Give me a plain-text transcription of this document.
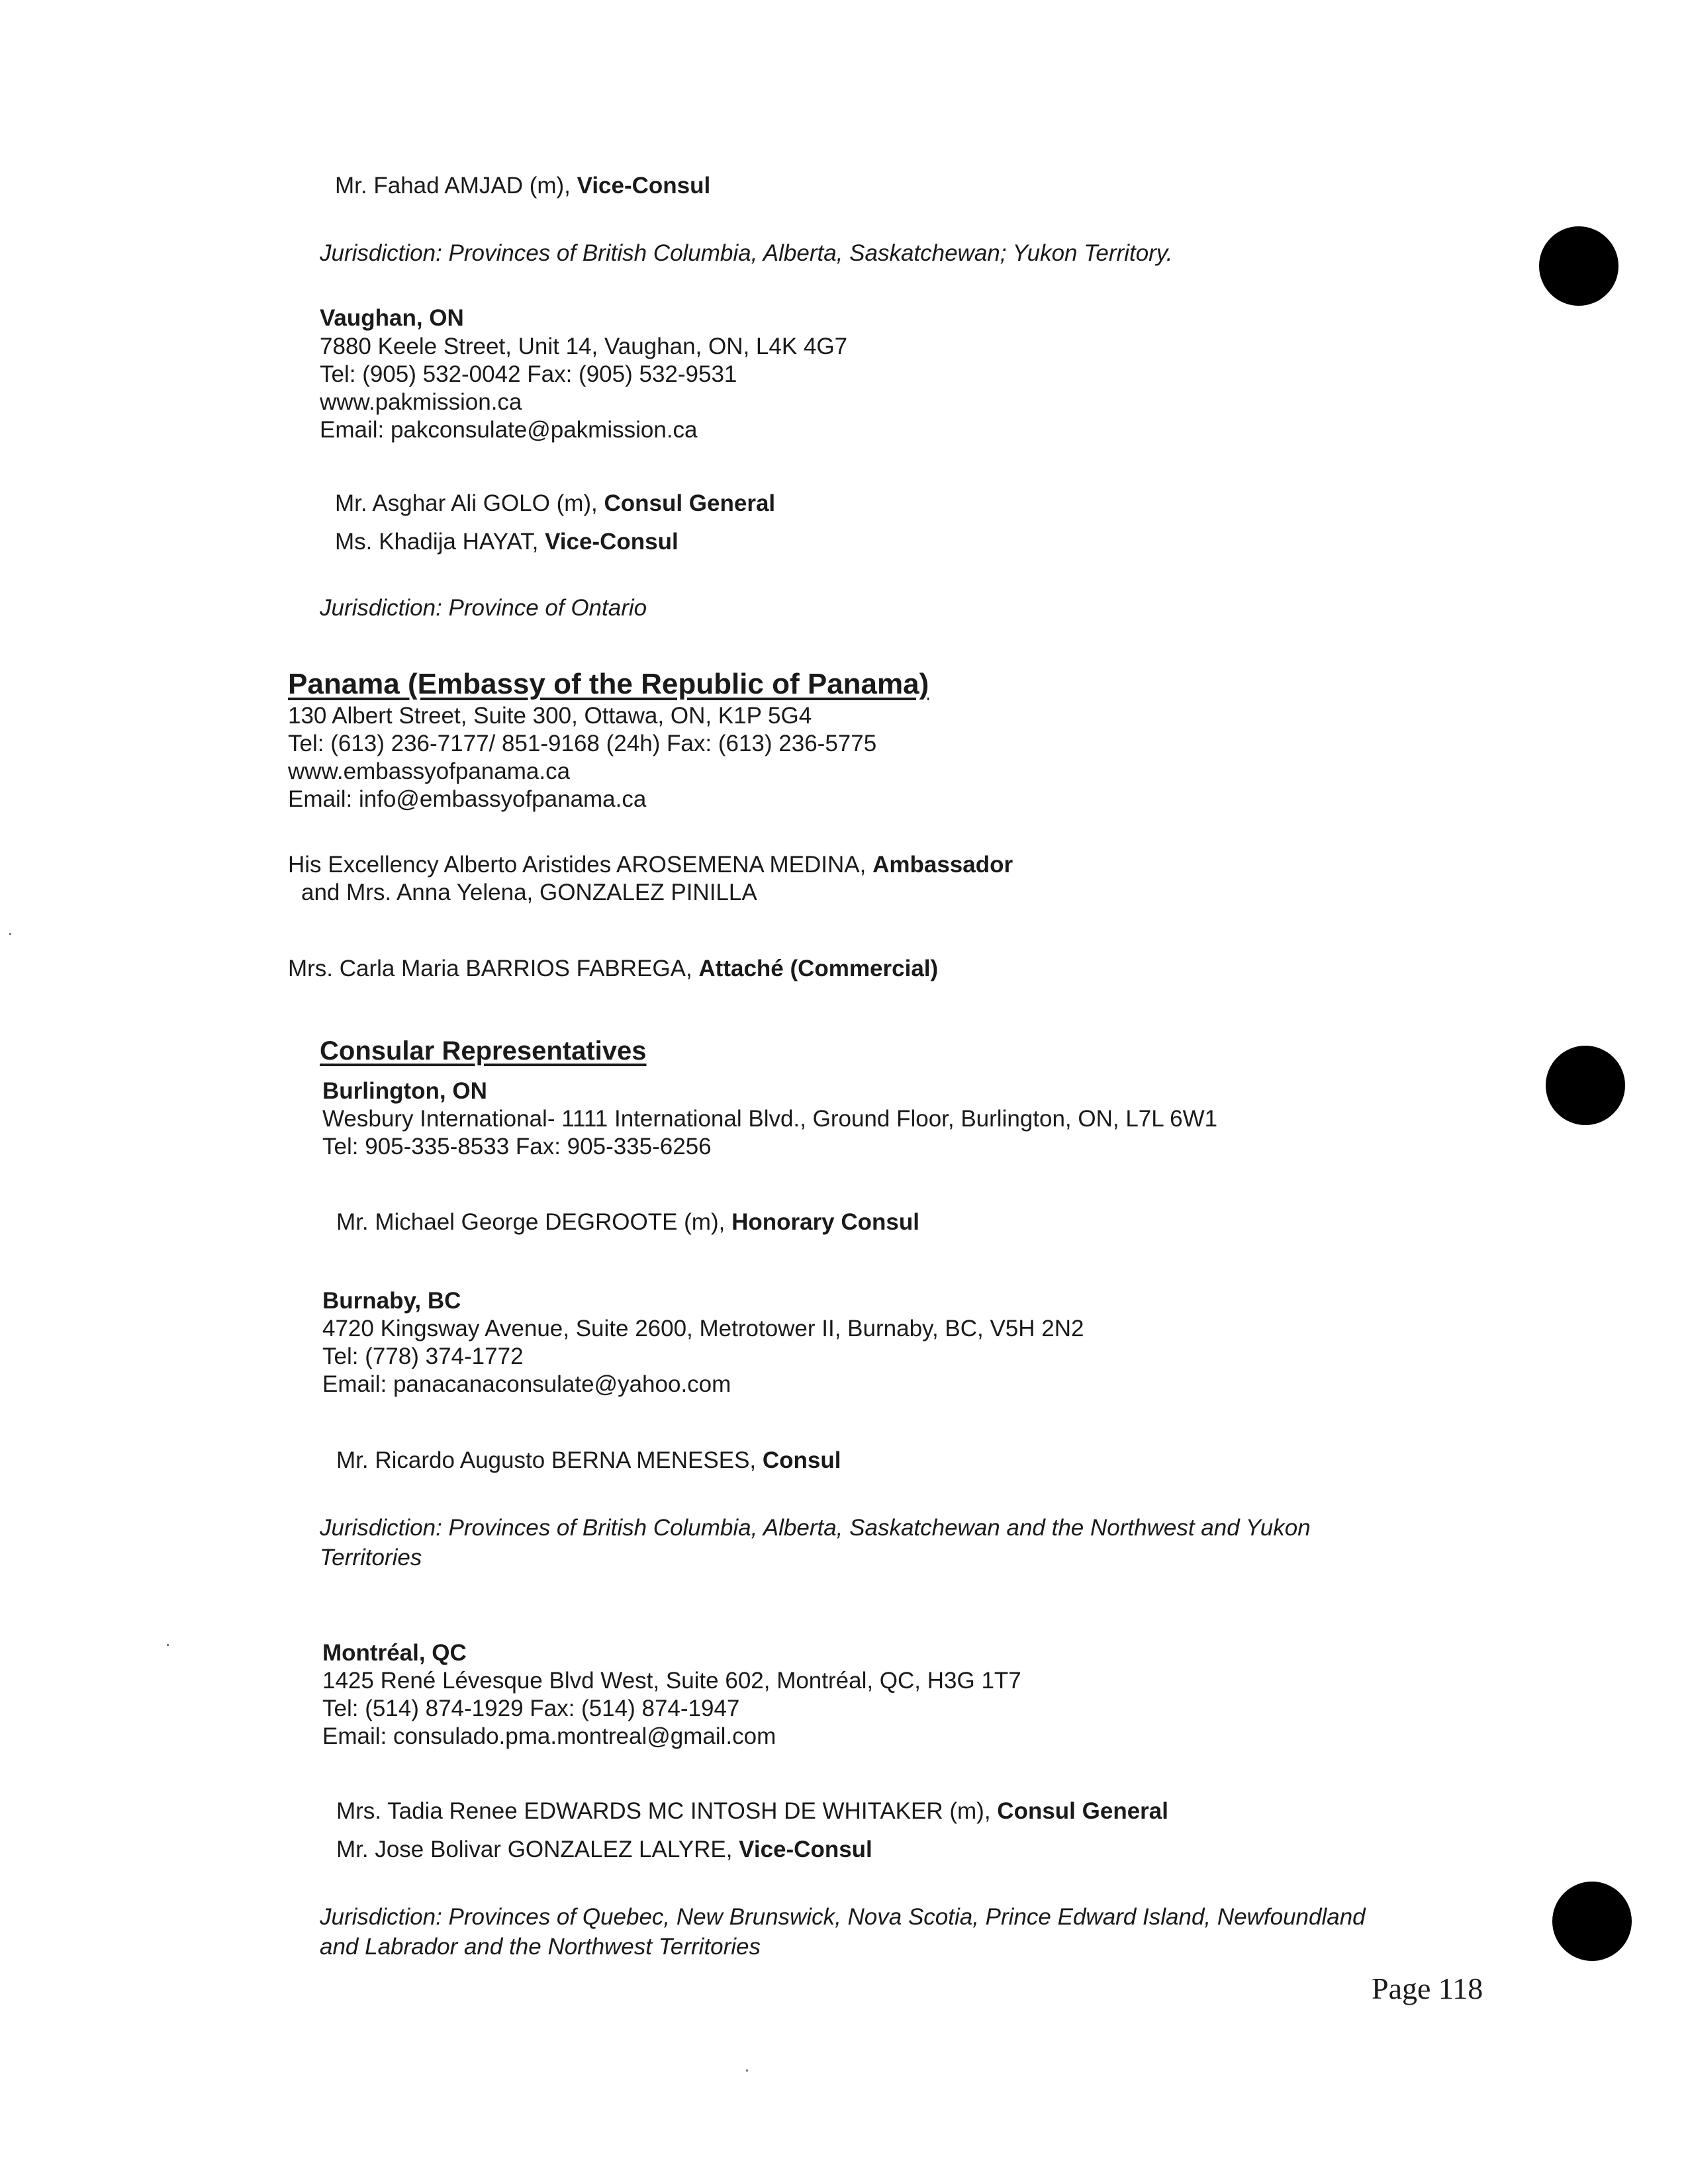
Mr. Fahad AMJAD (m), Vice-Consul
Jurisdiction: Provinces of British Columbia, Alberta, Saskatchewan; Yukon Territory.
Vaughan, ON
7880 Keele Street, Unit 14, Vaughan, ON, L4K 4G7
Tel: (905) 532-0042 Fax: (905) 532-9531
www.pakmission.ca
Email: pakconsulate@pakmission.ca
Mr. Asghar Ali GOLO (m), Consul General
Ms. Khadija HAYAT, Vice-Consul
Jurisdiction: Province of Ontario
Panama (Embassy of the Republic of Panama)
130 Albert Street, Suite 300, Ottawa, ON, K1P 5G4
Tel: (613) 236-7177/ 851-9168 (24h) Fax: (613) 236-5775
www.embassyofpanama.ca
Email: info@embassyofpanama.ca
His Excellency Alberto Aristides AROSEMENA MEDINA, Ambassador
and Mrs. Anna Yelena, GONZALEZ PINILLA
Mrs. Carla Maria BARRIOS FABREGA, Attaché (Commercial)
Consular Representatives
Burlington, ON
Wesbury International- 1111 International Blvd., Ground Floor, Burlington, ON, L7L 6W1
Tel: 905-335-8533 Fax: 905-335-6256
Mr. Michael George DEGROOTE (m), Honorary Consul
Burnaby, BC
4720 Kingsway Avenue, Suite 2600, Metrotower II, Burnaby, BC, V5H 2N2
Tel: (778) 374-1772
Email: panacanaconsulate@yahoo.com
Mr. Ricardo Augusto BERNA MENESES, Consul
Jurisdiction: Provinces of British Columbia, Alberta, Saskatchewan and the Northwest and Yukon
Territories
Montréal, QC
1425 René Lévesque Blvd West, Suite 602, Montréal, QC, H3G 1T7
Tel: (514) 874-1929 Fax: (514) 874-1947
Email: consulado.pma.montreal@gmail.com
Mrs. Tadia Renee EDWARDS MC INTOSH DE WHITAKER (m), Consul General
Mr. Jose Bolivar GONZALEZ LALYRE, Vice-Consul
Jurisdiction: Provinces of Quebec, New Brunswick, Nova Scotia, Prince Edward Island, Newfoundland
and Labrador and the Northwest Territories
Page 118
